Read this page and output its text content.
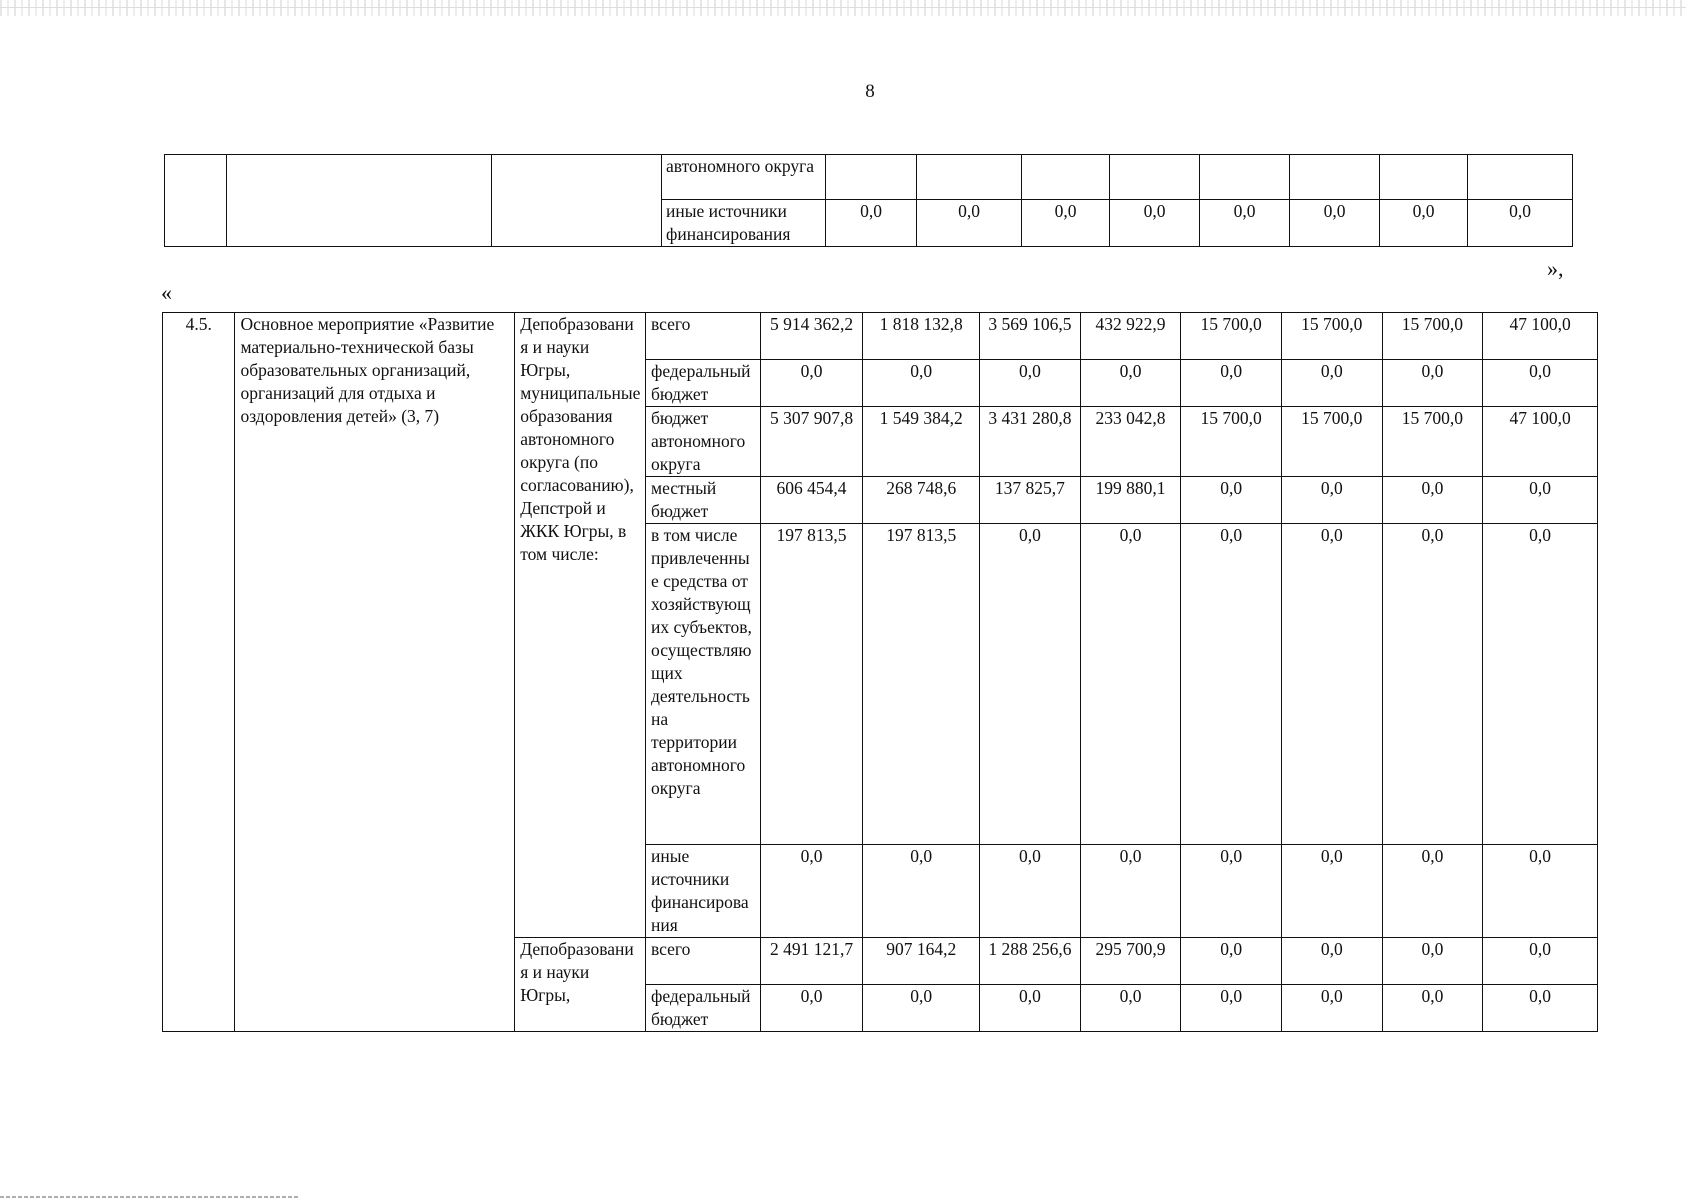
8
			автономного округа								
			иные источники финансирования	0,0	0,0	0,0	0,0	0,0	0,0	0,0	0,0
»,
«
4.5.	Основное мероприятие «Развитие материально-технической базы образовательных организаций, организаций для отдыха и оздоровления детей» (3, 7)	Депобразования и науки Югры, муниципальные образования автономного округа (по согласованию), Депстрой и ЖКК Югры, в том числе:	всего	5 914 362,2	1 818 132,8	3 569 106,5	432 922,9	15 700,0	15 700,0	15 700,0	47 100,0
			федеральный бюджет	0,0	0,0	0,0	0,0	0,0	0,0	0,0	0,0
			бюджет автономного округа	5 307 907,8	1 549 384,2	3 431 280,8	233 042,8	15 700,0	15 700,0	15 700,0	47 100,0
			местный бюджет	606 454,4	268 748,6	137 825,7	199 880,1	0,0	0,0	0,0	0,0
			в том числе привлеченные средства от хозяйствующих субъектов, осуществляющих деятельность на территории автономного округа	197 813,5	197 813,5	0,0	0,0	0,0	0,0	0,0	0,0
			иные источники финансирования	0,0	0,0	0,0	0,0	0,0	0,0	0,0	0,0
		Депобразования и науки Югры,	всего	2 491 121,7	907 164,2	1 288 256,6	295 700,9	0,0	0,0	0,0	0,0
			федеральный бюджет	0,0	0,0	0,0	0,0	0,0	0,0	0,0	0,0
